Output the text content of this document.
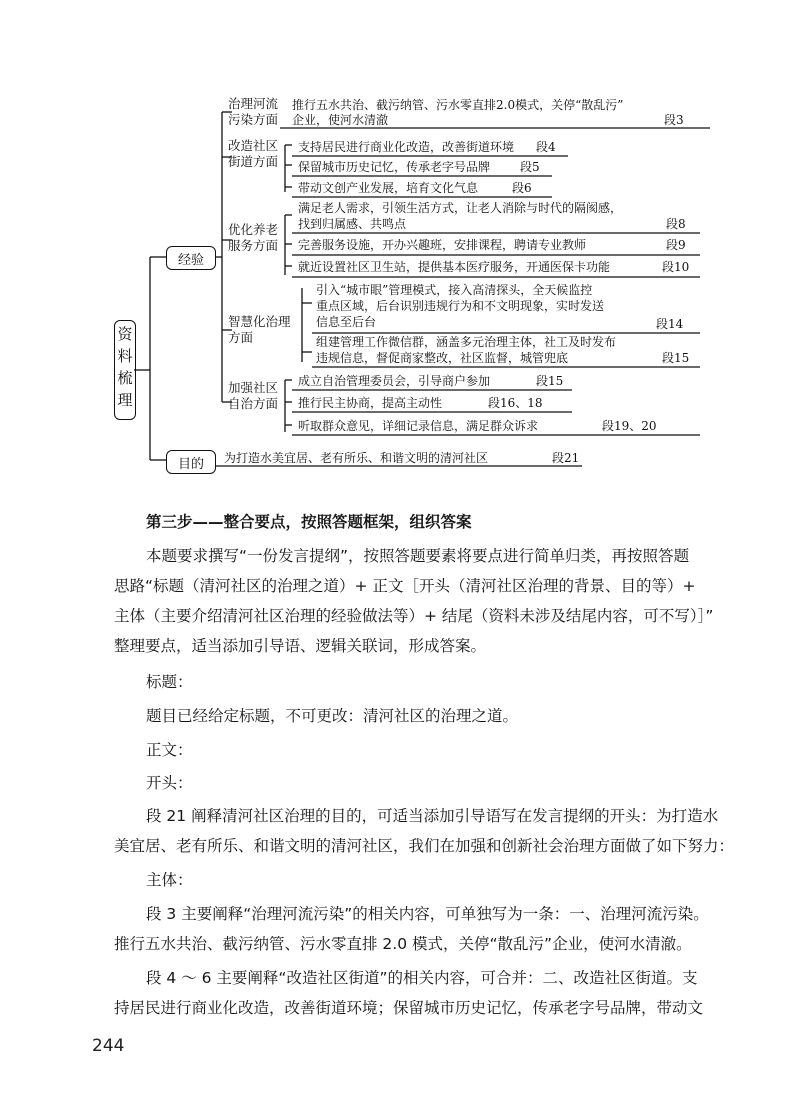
资
料
梳
理
经验
目的
治理河流
污染方面
改造社区
街道方面
优化养老
服务方面
智慧化治理
方面
加强社区
自治方面
推行五水共治、截污纳管、污水零直排2.0模式，关停“散乱污”
企业，使河水清澈	段3
支持居民进行商业化改造，改善街道环境 段4
保留城市历史记忆，传承老字号品牌 段5
带动文创产业发展，培育文化气息	段6
满足老人需求，引领生活方式，让老人消除与时代的隔阂感，
找到归属感、共鸣点	段8
完善服务设施，开办兴趣班，安排课程，聘请专业教师	段9
就近设置社区卫生站，提供基本医疗服务，开通医保卡功能	段10
引入“城市眼”管理模式，接入高清探头，全天候监控
重点区域，后台识别违规行为和不文明现象，实时发送
信息至后台	段14
组建管理工作微信群，涵盖多元治理主体，社工及时发布
违规信息，督促商家整改，社区监督，城管兜底	段15
成立自治管理委员会，引导商户参加	段15
推行民主协商，提高主动性	段16、18
听取群众意见，详细记录信息，满足群众诉求	段19、20
为打造水美宜居、老有所乐、和谐文明的清河社区	段21
第三步——整合要点，按照答题框架，组织答案
本题要求撰写“一份发言提纲”，按照答题要素将要点进行简单归类，再按照答题
思路“标题（清河社区的治理之道）+ 正文［开头（清河社区治理的背景、目的等）+
主体（主要介绍清河社区治理的经验做法等）+ 结尾（资料未涉及结尾内容，可不写）］”
整理要点，适当添加引导语、逻辑关联词，形成答案。
标题：
题目已经给定标题，不可更改：清河社区的治理之道。
正文：
开头：
段 21 阐释清河社区治理的目的，可适当添加引导语写在发言提纲的开头：为打造水
美宜居、老有所乐、和谐文明的清河社区，我们在加强和创新社会治理方面做了如下努力：
主体：
段 3 主要阐释“治理河流污染”的相关内容，可单独写为一条：一、治理河流污染。
推行五水共治、截污纳管、污水零直排 2.0 模式，关停“散乱污”企业，使河水清澈。
段 4 ～ 6 主要阐释“改造社区街道”的相关内容，可合并：二、改造社区街道。支
持居民进行商业化改造，改善街道环境；保留城市历史记忆，传承老字号品牌，带动文
244
